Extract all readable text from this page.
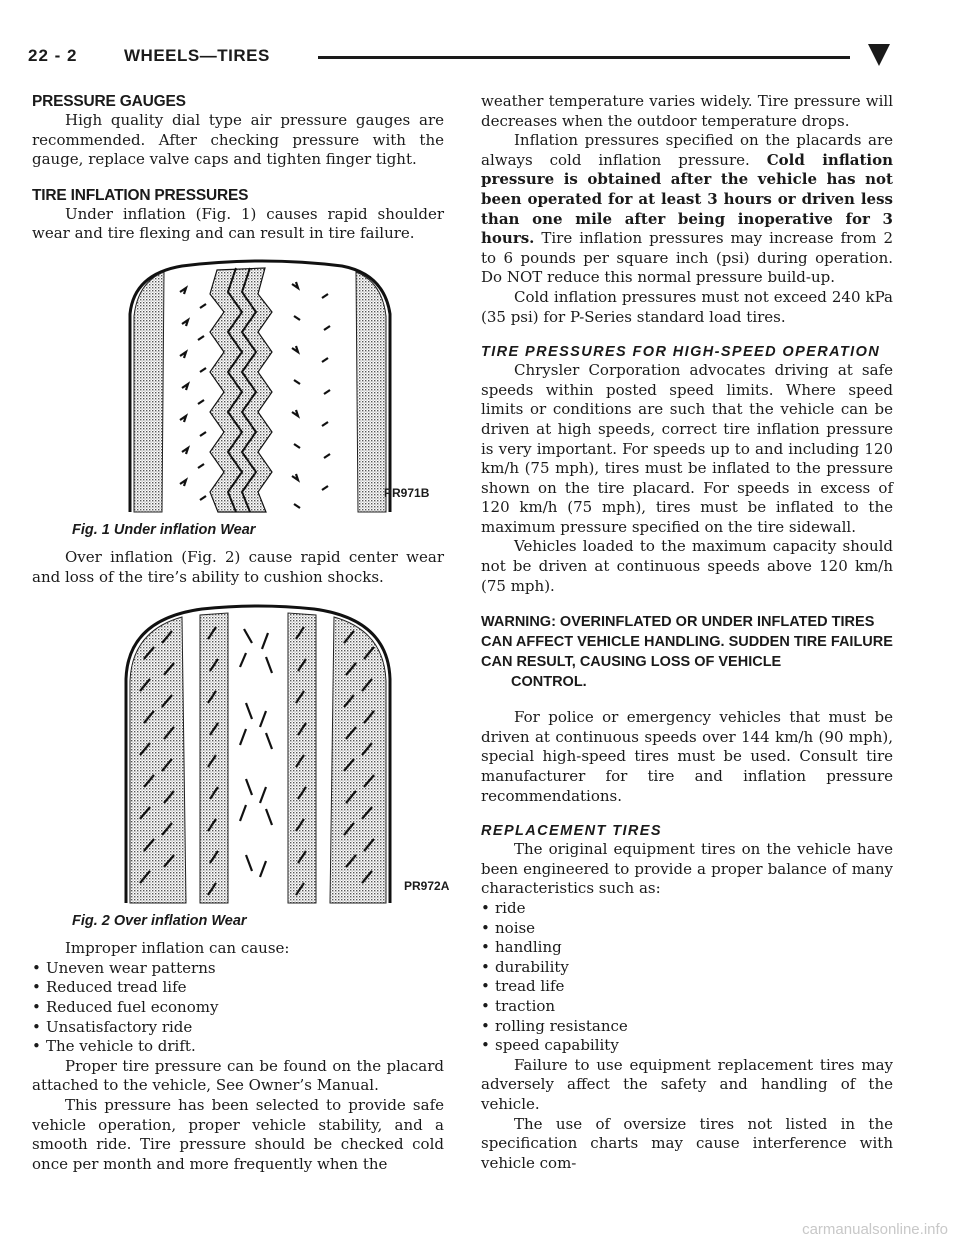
22 - 2	WHEELS—TIRES
PRESSURE GAUGES

High quality dial type air pressure gauges are recommended. After checking pressure with the gauge, replace valve caps and tighten finger tight.

TIRE INFLATION PRESSURES

Under inflation (Fig. 1) causes rapid shoulder wear and tire flexing and can result in tire failure.

PR971B
Fig. 1 Under inflation Wear

Over inflation (Fig. 2) cause rapid center wear and loss of the tire’s ability to cushion shocks.

PR972A
Fig. 2 Over inflation Wear

Improper inflation can cause:

• Uneven wear patterns
• Reduced tread life
• Reduced fuel economy
• Unsatisfactory ride
• The vehicle to drift.

Proper tire pressure can be found on the placard attached to the vehicle, See Owner’s Manual.

This pressure has been selected to provide safe vehicle operation, proper vehicle stability, and a smooth ride. Tire pressure should be checked cold once per month and more frequently when the

weather temperature varies widely. Tire pressure will decreases when the outdoor temperature drops.

Inflation pressures specified on the placards are always cold inflation pressure. Cold inflation pressure is obtained after the vehicle has not been operated for at least 3 hours or driven less than one mile after being inoperative for 3 hours. Tire inflation pressures may increase from 2 to 6 pounds per square inch (psi) during operation. Do NOT reduce this normal pressure build-up.

Cold inflation pressures must not exceed 240 kPa (35 psi) for P-Series standard load tires.

TIRE PRESSURES FOR HIGH-SPEED OPERATION

Chrysler Corporation advocates driving at safe speeds within posted speed limits. Where speed limits or conditions are such that the vehicle can be driven at high speeds, correct tire inflation pressure is very important. For speeds up to and including 120 km/h (75 mph), tires must be inflated to the pressure shown on the tire placard. For speeds in excess of 120 km/h (75 mph), tires must be inflated to the maximum pressure specified on the tire sidewall.

Vehicles loaded to the maximum capacity should not be driven at continuous speeds above 120 km/h (75 mph).

WARNING: OVERINFLATED OR UNDER INFLATED TIRES CAN AFFECT VEHICLE HANDLING. SUDDEN TIRE FAILURE CAN RESULT, CAUSING LOSS OF VEHICLE
CONTROL.

For police or emergency vehicles that must be driven at continuous speeds over 144 km/h (90 mph), special high-speed tires must be used. Consult tire manufacturer for tire and inflation pressure recommendations.

REPLACEMENT TIRES

The original equipment tires on the vehicle have been engineered to provide a proper balance of many characteristics such as:

• ride
• noise
• handling
• durability
• tread life
• traction
• rolling resistance
• speed capability

Failure to use equipment replacement tires may adversely affect the safety and handling of the vehicle.

The use of oversize tires not listed in the specification charts may cause interference with vehicle com-

carmanualsonline.info
